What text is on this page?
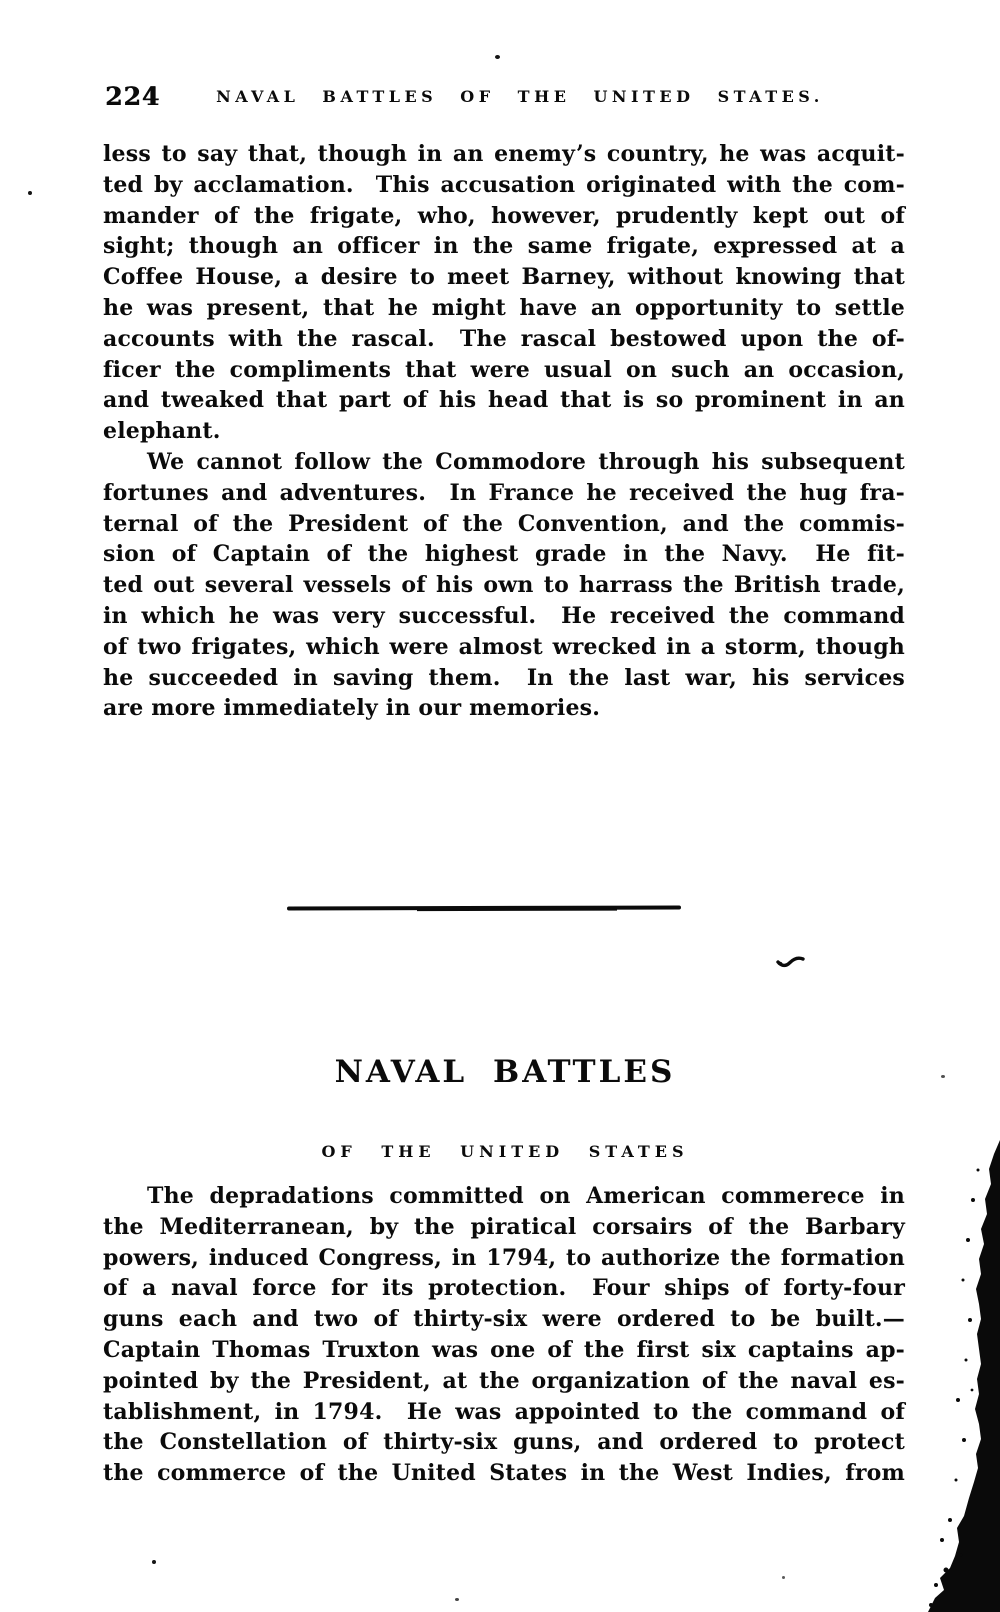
224	NAVAL BATTLES OF THE UNITED STATES.
less to say that, though in an enemy’s country, he was acquit-
ted by acclamation.  This accusation originated with the com-
mander of the frigate, who, however, prudently kept out of
sight; though an officer in the same frigate, expressed at a
Coffee House, a desire to meet Barney, without knowing that
he was present, that he might have an opportunity to settle
accounts with the rascal.  The rascal bestowed upon the of-
ficer the compliments that were usual on such an occasion,
and tweaked that part of his head that is so prominent in an
elephant.
We cannot follow the Commodore through his subsequent
fortunes and adventures.  In France he received the hug fra-
ternal of the President of the Convention, and the commis-
sion of Captain of the highest grade in the Navy.  He fit-
ted out several vessels of his own to harrass the British trade,
in which he was very successful.  He received the command
of two frigates, which were almost wrecked in a storm, though
he succeeded in saving them.  In the last war, his services
are more immediately in our memories.
NAVAL BATTLES
OF THE UNITED STATES
The depradations committed on American commerece in
the Mediterranean, by the piratical corsairs of the Barbary
powers, induced Congress, in 1794, to authorize the formation
of a naval force for its protection.  Four ships of forty-four
guns each and two of thirty-six were ordered to be built.—
Captain Thomas Truxton was one of the first six captains ap-
pointed by the President, at the organization of the naval es-
tablishment, in 1794.  He was appointed to the command of
the Constellation of thirty-six guns, and ordered to protect
the commerce of the United States in the West Indies, from
